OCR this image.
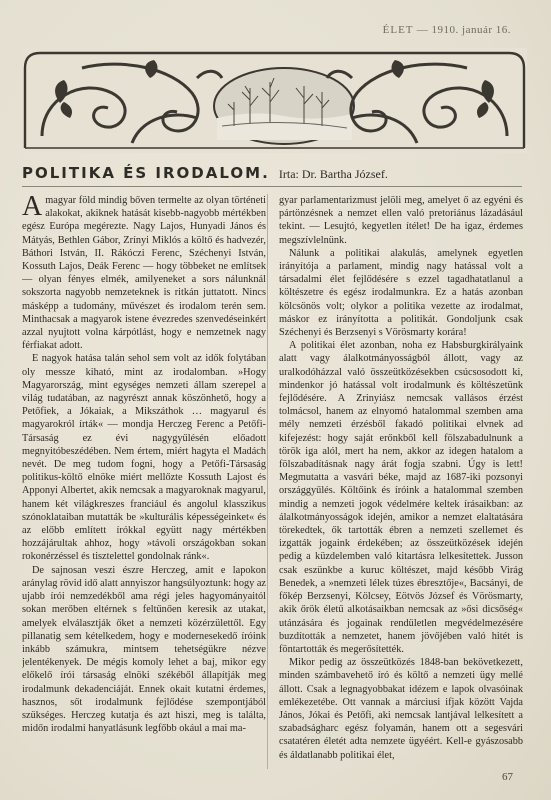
ÉLET — 1910. január 16.
POLITIKA ÉS IRODALOM. Irta: Dr. Bartha József.

Amagyar föld mindig bőven termelte az olyan történeti alakokat, akiknek hatását kisebb-nagyobb mértékben egész Európa megérezte. Nagy Lajos, Hunyadi János és Mátyás, Bethlen Gábor, Zrínyi Miklós a költő és hadvezér, Báthori István, II. Rákóczi Ferenc, Széchenyi István, Kossuth Lajos, Deák Ferenc — hogy többeket ne említsek — olyan fényes elmék, amilyeneket a sors nálunknál sokszorta nagyobb nemzeteknek is ritkán juttatott. Nincs másképp a tudomány, művészet és irodalom terén sem. Minthacsak a magyarok istene évezredes szenvedéseinkért azzal nyujtott volna kárpótlást, hogy e nemzetnek nagy férfiakat adott.

E nagyok hatása talán sehol sem volt az idők folytában oly messze kiható, mint az irodalomban. »Hogy Magyarország, mint egységes nemzeti állam szerepel a világ tudatában, az nagyrészt annak köszönhető, hogy a Petőfiek, a Jókaiak, a Mikszáthok … magyarul és magyarokról írták« — mondja Herczeg Ferenc a Petőfi-Társaság ez évi nagygyűlésén előadott megnyitóbeszédében. Nem értem, miért hagyta el Madách nevét. De meg tudom fogni, hogy a Petőfi-Társaság politikus-költő elnöke miért mellőzte Kossuth Lajost és Apponyi Albertet, akik nemcsak a magyaroknak magyarul, hanem két világkreszes franciául és angolul klasszikus szónoklataiban mutatták be »kulturális képességeinket« és az előbb említett írókkal együtt nagy mértékben hozzájárultak ahhoz, hogy »távoli országokban sokan rokonérzéssel és tisztelettel gondolnak ránk«.

De sajnosan veszi észre Herczeg, amit e lapokon aránylag rövid idő alatt annyiszor hangsúlyoztunk: hogy az ujabb írói nemzedékből ama régi jeles hagyományaitól sokan merőben eltérnek s feltűnően keresik az utakat, amelyek elválasztják őket a nemzeti közérzülettől. Egy pillanatig sem kételkedem, hogy e modernesekedő íróink inkább számukra, mintsem tehetségükre nézve jelentékenyek. De mégis komoly lehet a baj, mikor egy előkelő írói társaság elnöki székéből állapítják meg irodalmunk dekadenciáját. Ennek okait kutatni érdemes, hasznos, sőt irodalmunk fejlődése szempontjából szükséges. Herczeg kutatja és azt hiszi, meg is találta, midőn irodalmi hanyatlásunk legfőbb okául a mai ma-

gyar parlamentarizmust jelöli meg, amelyet ő az egyéni és pártönzésnek a nemzet ellen való pretoriánus lázadásául tekint. — Lesujtó, kegyetlen ítélet! De ha igaz, érdemes megszívlelnünk.

Nálunk a politikai alakulás, amelynek egyetlen irányítója a parlament, mindig nagy hatással volt a társadalmi élet fejlődésére s ezzel tagadhatatlanul a költészetre és egész irodalmunkra. Ez a hatás azonban kölcsönös volt; olykor a politika vezette az irodalmat, máskor ez irányította a politikát. Gondoljunk csak Széchenyi és Berzsenyi s Vörösmarty korára!

A politikai élet azonban, noha ez Habsburgkirályaink alatt vagy álalkotmányosságból állott, vagy az uralkodóházzal való összeütközésekben csúcsosodott ki, mindenkor jó hatással volt irodalmunk és költészetünk fejlődésére. A Zrinyiász nemcsak vallásos érzést tolmácsol, hanem az elnyomó hatalommal szemben ama mély nemzeti érzésből fakadó politikai elvnek ad kifejezést: hogy saját erőnkből kell fölszabadulnunk a török iga alól, mert ha nem, akkor az idegen hatalom a fölszabadításnak nagy árát fogja szabni. Úgy is lett! Megmutatta a vasvári béke, majd az 1687-iki pozsonyi országgyűlés. Költőink és íróink a hatalommal szemben mindig a nemzeti jogok védelmére keltek írásaikban: az álalkotmányosságok idején, amikor a nemzet elaltatására törekedtek, ők tartották ébren a nemzeti szellemet és izgatták jogaink érdekében; az összeütközések idején pedig a küzdelemben való kitartásra lelkesítettek. Jusson csak eszünkbe a kuruc költészet, majd később Virág Benedek, a »nemzeti lélek túzes ébresztője«, Bacsányi, de főkép Berzsenyi, Kölcsey, Eötvös József és Vörösmarty, akik őrök életű alkotásaikban nemcsak az »ősi dicsőség« utánzására és jogainak rendületlen megvédelmezésére buzdították a nemzetet, hanem jövőjében való hitét is föntartották és megerősítették.

Mikor pedig az összeütközés 1848-ban bekövetkezett, minden számbavehető író és költő a nemzeti ügy mellé állott. Csak a legnagyobbakat idézem e lapok olvasóinak emlékezetébe. Ott vannak a márciusi ifjak között Vajda János, Jókai és Petőfi, aki nemcsak lantjával lelkesített a szabadságharc egész folyamán, hanem ott a segesvári csatatéren életét adta nemzete ügyéért. Kell-e gyászosabb és áldatlanabb politikai élet,

67
